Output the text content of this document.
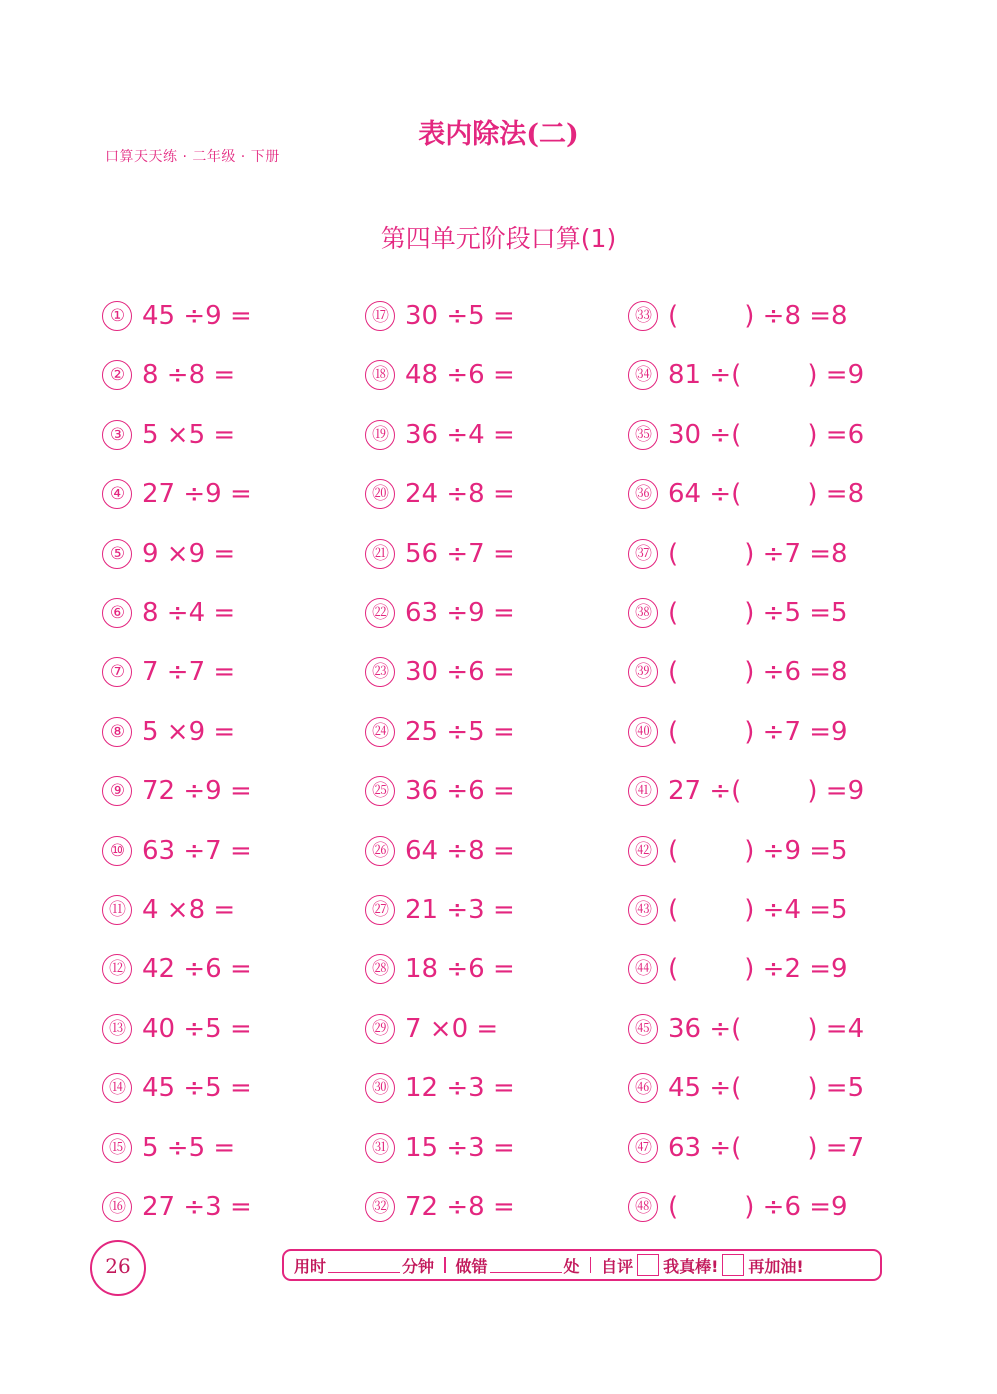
表内除法(二)
口算天天练 · 二年级 · 下册
第四单元阶段口算(1)
① 45 ÷9 =
② 8 ÷8 =
③ 5 ×5 =
④ 27 ÷9 =
⑤ 9 ×9 =
⑥ 8 ÷4 =
⑦ 7 ÷7 =
⑧ 5 ×9 =
⑨ 72 ÷9 =
⑩ 63 ÷7 =
⑪ 4 ×8 =
⑫ 42 ÷6 =
⑬ 40 ÷5 =
⑭ 45 ÷5 =
⑮ 5 ÷5 =
⑯ 27 ÷3 =
⑰ 30 ÷5 =
⑱ 48 ÷6 =
⑲ 36 ÷4 =
⑳ 24 ÷8 =
㉑ 56 ÷7 =
㉒ 63 ÷9 =
㉓ 30 ÷6 =
㉔ 25 ÷5 =
㉕ 36 ÷6 =
㉖ 64 ÷8 =
㉗ 21 ÷3 =
㉘ 18 ÷6 =
㉙ 7 ×0 =
㉚ 12 ÷3 =
㉛ 15 ÷3 =
㉜ 72 ÷8 =
㉝ (        ) ÷8 =8
㉞ 81 ÷(        ) =9
㉟ 30 ÷(        ) =6
㊱ 64 ÷(        ) =8
㊲ (        ) ÷7 =8
㊳ (        ) ÷5 =5
㊴ (        ) ÷6 =8
㊵ (        ) ÷7 =9
㊶ 27 ÷(        ) =9
㊷ (        ) ÷9 =5
㊸ (        ) ÷4 =5
㊹ (        ) ÷2 =9
㊺ 36 ÷(        ) =4
㊻ 45 ÷(        ) =5
㊼ 63 ÷(        ) =7
㊽ (        ) ÷6 =9
26	用时	分钟 做错	处 自评 我真棒! 再加油!
